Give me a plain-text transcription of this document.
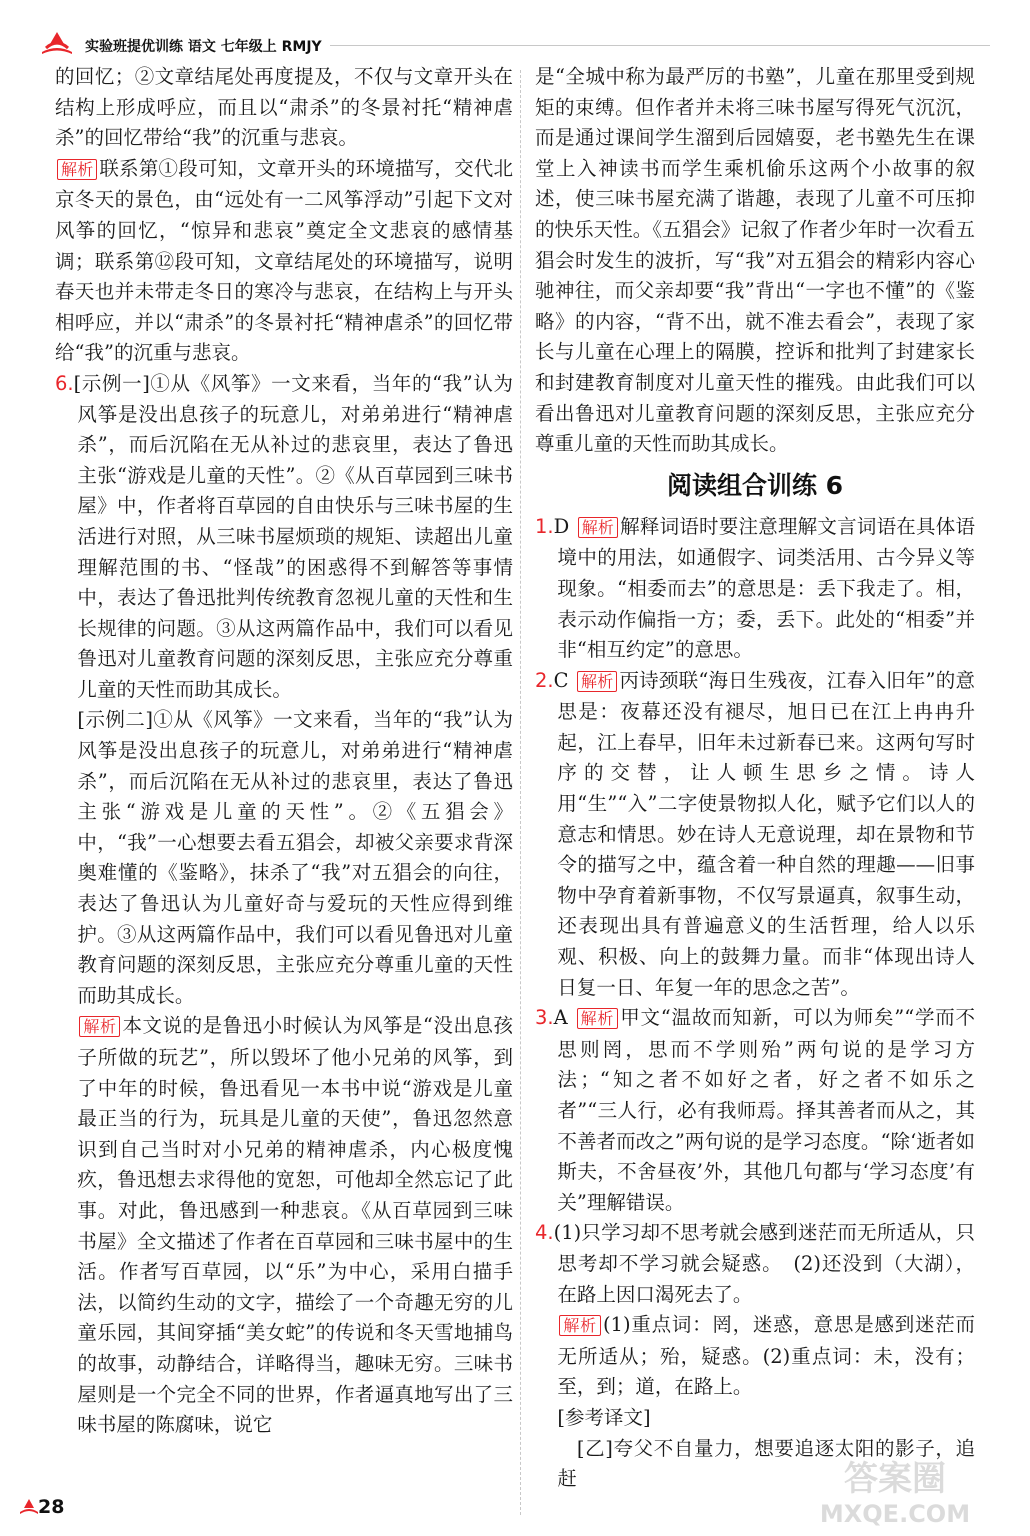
实验班提优训练 语文 七年级上 RMJY

的回忆；②文章结尾处再度提及，不仅与文章开头在结构上形成呼应，而且以“肃杀”的冬景衬托“精神虐杀”的回忆带给“我”的沉重与悲哀。

解析 联系第①段可知，文章开头的环境描写，交代北京冬天的景色，由“远处有一二风筝浮动”引起下文对风筝的回忆，“惊异和悲哀”奠定全文悲哀的感情基调；联系第⑫段可知，文章结尾处的环境描写，说明春天也并未带走冬日的寒冷与悲哀，在结构上与开头相呼应，并以“肃杀”的冬景衬托“精神虐杀”的回忆带给“我”的沉重与悲哀。

6.[示例一]①从《风筝》一文来看，当年的“我”认为风筝是没出息孩子的玩意儿，对弟弟进行“精神虐杀”，而后沉陷在无从补过的悲哀里，表达了鲁迅主张“游戏是儿童的天性”。②《从百草园到三味书屋》中，作者将百草园的自由快乐与三味书屋的生活进行对照，从三味书屋烦琐的规矩、读超出儿童理解范围的书、“怪哉”的困惑得不到解答等事情中，表达了鲁迅批判传统教育忽视儿童的天性和生长规律的问题。③从这两篇作品中，我们可以看见鲁迅对儿童教育问题的深刻反思，主张应充分尊重儿童的天性而助其成长。

[示例二]①从《风筝》一文来看，当年的“我”认为风筝是没出息孩子的玩意儿，对弟弟进行“精神虐杀”，而后沉陷在无从补过的悲哀里，表达了鲁迅主张“游戏是儿童的天性”。②《五猖会》中，“我”一心想要去看五猖会，却被父亲要求背深奥难懂的《鉴略》，抹杀了“我”对五猖会的向往，表达了鲁迅认为儿童好奇与爱玩的天性应得到维护。③从这两篇作品中，我们可以看见鲁迅对儿童教育问题的深刻反思，主张应充分尊重儿童的天性而助其成长。

解析 本文说的是鲁迅小时候认为风筝是“没出息孩子所做的玩艺”，所以毁坏了他小兄弟的风筝，到了中年的时候，鲁迅看见一本书中说“游戏是儿童最正当的行为，玩具是儿童的天使”，鲁迅忽然意识到自己当时对小兄弟的精神虐杀，内心极度愧疚，鲁迅想去求得他的宽恕，可他却全然忘记了此事。对此，鲁迅感到一种悲哀。《从百草园到三味书屋》全文描述了作者在百草园和三味书屋中的生活。作者写百草园，以“乐”为中心，采用白描手法，以简约生动的文字，描绘了一个奇趣无穷的儿童乐园，其间穿插“美女蛇”的传说和冬天雪地捕鸟的故事，动静结合，详略得当，趣味无穷。三味书屋则是一个完全不同的世界，作者逼真地写出了三味书屋的陈腐味，说它

是“全城中称为最严厉的书塾”，儿童在那里受到规矩的束缚。但作者并未将三味书屋写得死气沉沉，而是通过课间学生溜到后园嬉耍，老书塾先生在课堂上入神读书而学生乘机偷乐这两个小故事的叙述，使三味书屋充满了谐趣，表现了儿童不可压抑的快乐天性。《五猖会》记叙了作者少年时一次看五猖会时发生的波折，写“我”对五猖会的精彩内容心驰神往，而父亲却要“我”背出“一字也不懂”的《鉴略》的内容，“背不出，就不准去看会”，表现了家长与儿童在心理上的隔膜，控诉和批判了封建家长和封建教育制度对儿童天性的摧残。由此我们可以看出鲁迅对儿童教育问题的深刻反思，主张应充分尊重儿童的天性而助其成长。

阅读组合训练 6

1.D 解析 解释词语时要注意理解文言词语在具体语境中的用法，如通假字、词类活用、古今异义等现象。“相委而去”的意思是：丢下我走了。相，表示动作偏指一方；委，丢下。此处的“相委”并非“相互约定”的意思。

2.C 解析 丙诗颈联“海日生残夜，江春入旧年”的意思是：夜幕还没有褪尽，旭日已在江上冉冉升起，江上春早，旧年未过新春已来。这两句写时序的交替，让人顿生思乡之情。诗人用“生”“入”二字使景物拟人化，赋予它们以人的意志和情思。妙在诗人无意说理，却在景物和节令的描写之中，蕴含着一种自然的理趣——旧事物中孕育着新事物，不仅写景逼真，叙事生动，还表现出具有普遍意义的生活哲理，给人以乐观、积极、向上的鼓舞力量。而非“体现出诗人日复一日、年复一年的思念之苦”。

3.A 解析 甲文“温故而知新，可以为师矣”“学而不思则罔，思而不学则殆”两句说的是学习方法；“知之者不如好之者，好之者不如乐之者”“三人行，必有我师焉。择其善者而从之，其不善者而改之”两句说的是学习态度。“除‘逝者如斯夫，不舍昼夜’外，其他几句都与‘学习态度’有关”理解错误。

4.(1)只学习却不思考就会感到迷茫而无所适从，只思考却不学习就会疑惑。　(2)还没到（大湖），在路上因口渴死去了。

解析 (1)重点词：罔，迷惑，意思是感到迷茫而无所适从；殆，疑惑。(2)重点词：未，没有；至，到；道，在路上。

[参考译文]

[乙]夸父不自量力，想要追逐太阳的影子，追赶

28
答案圈
MXQE.COM
